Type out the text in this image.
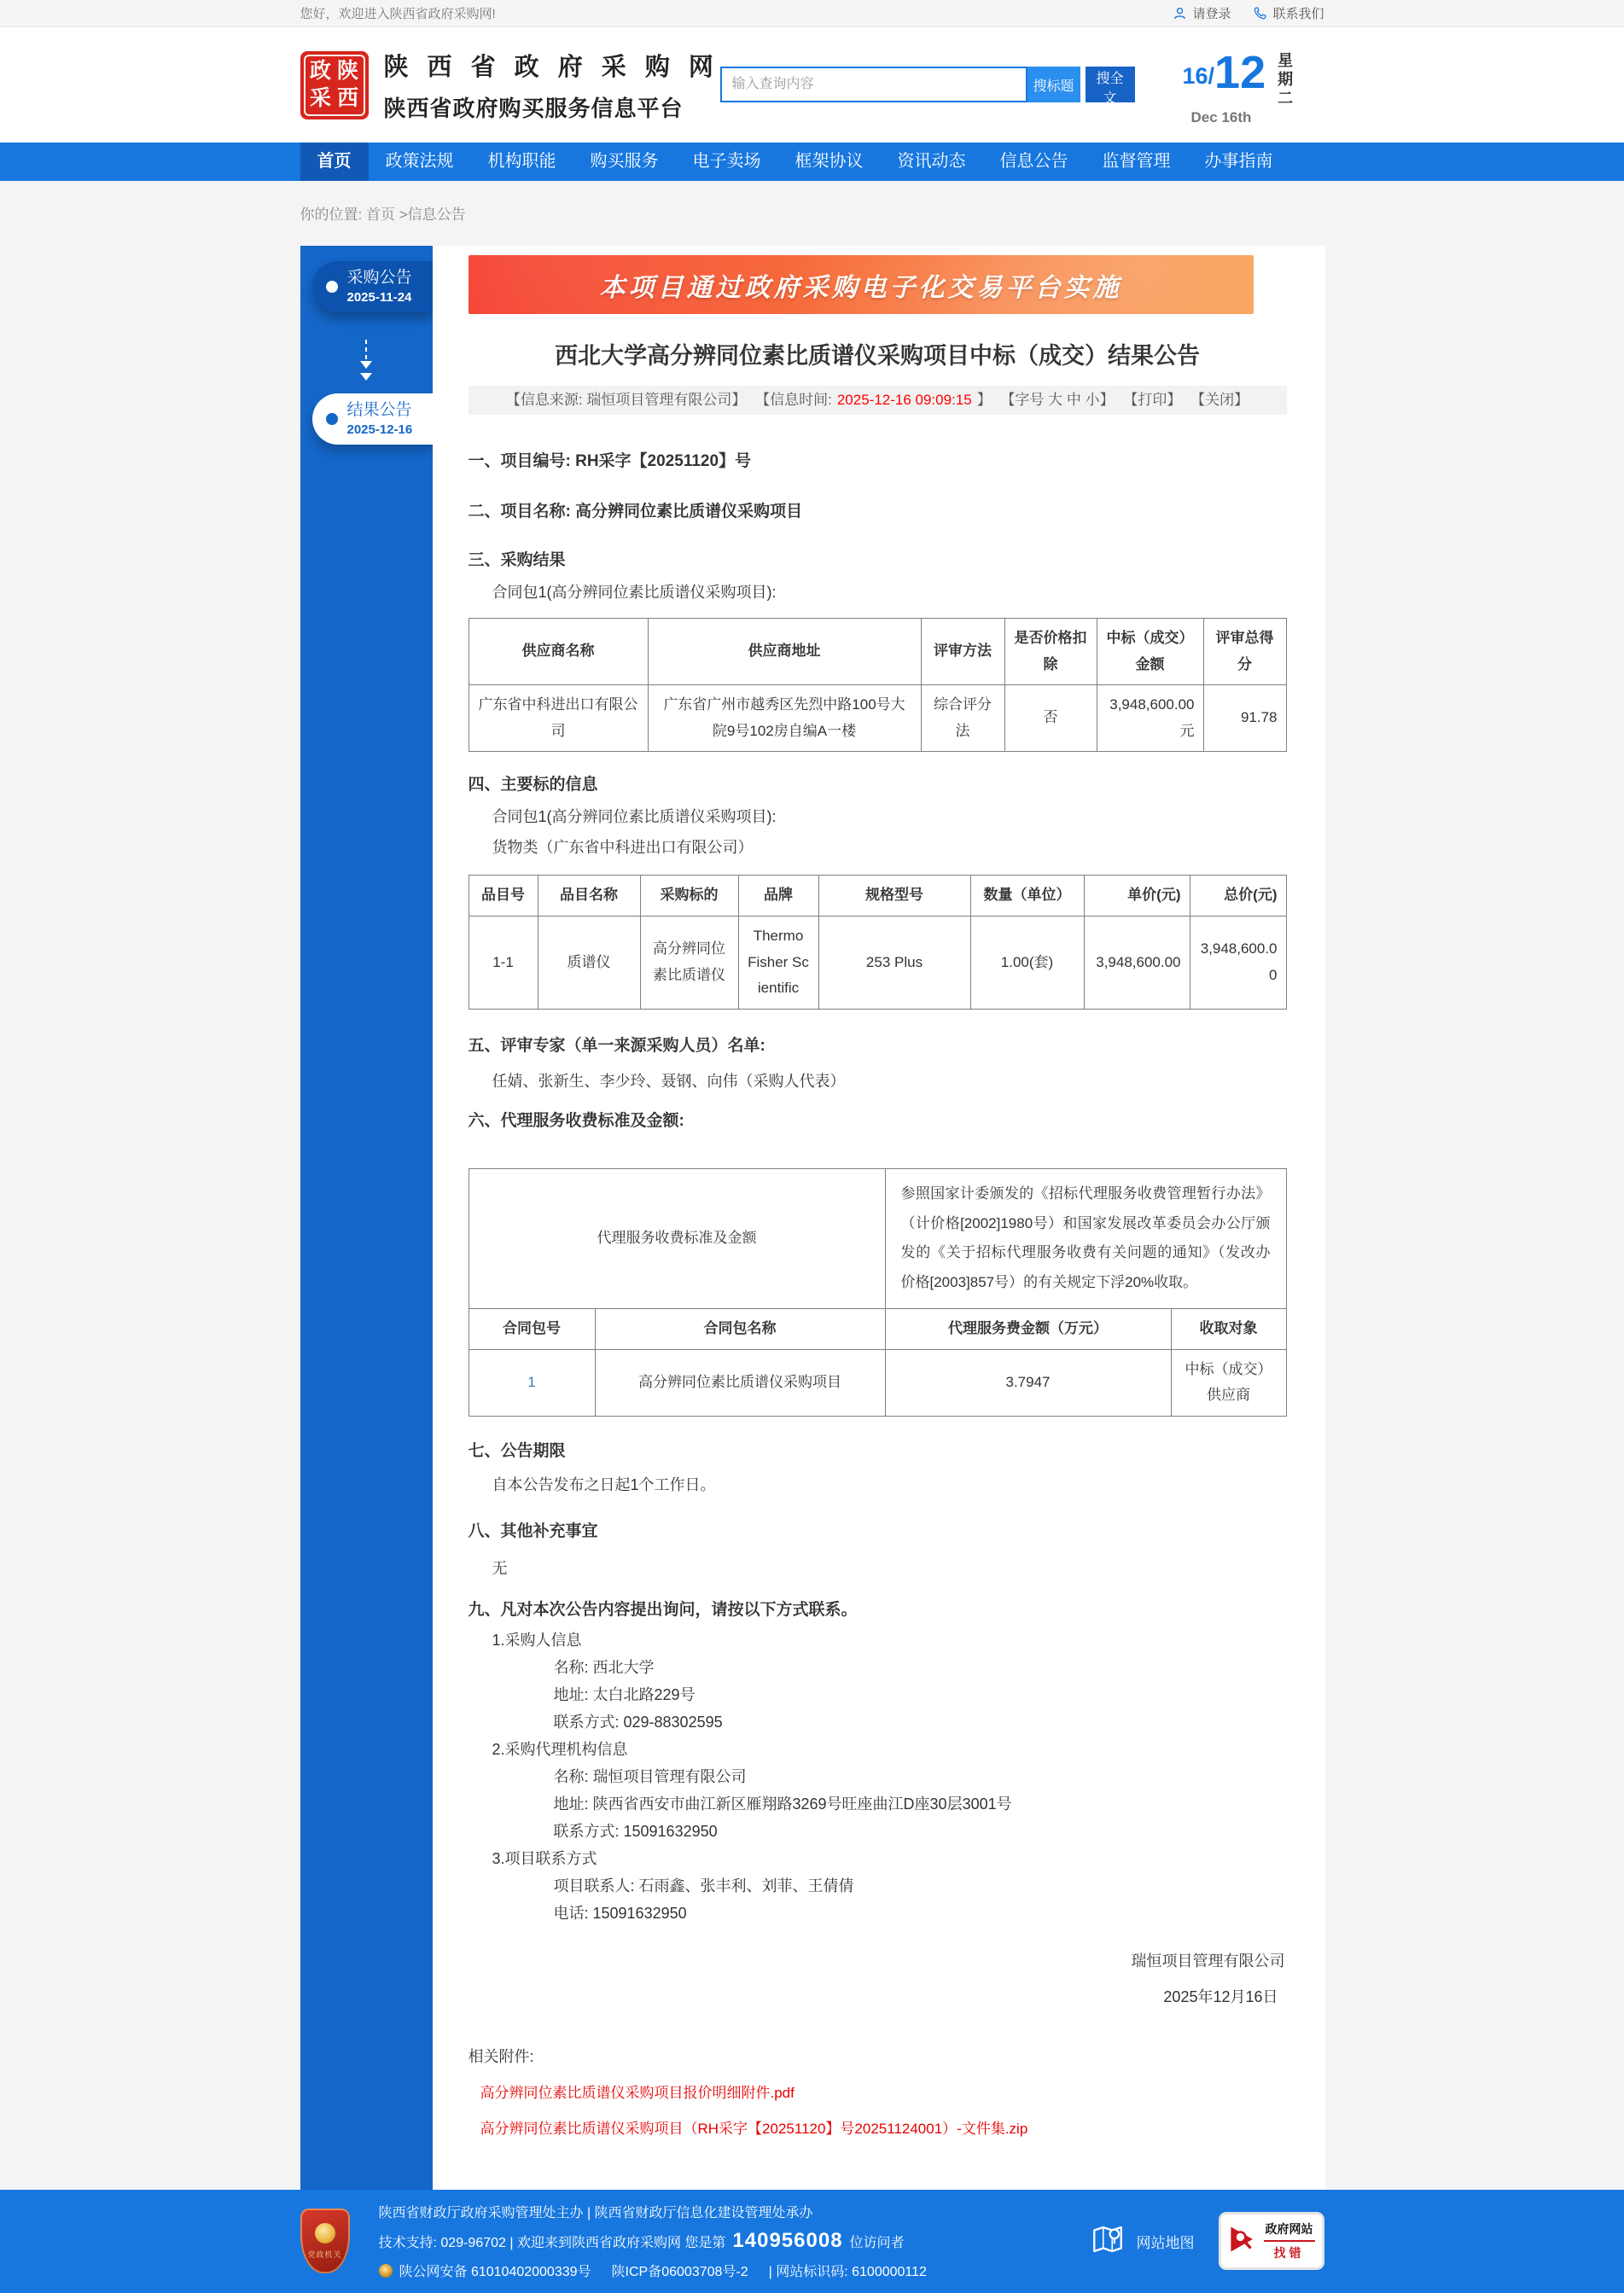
您好，欢迎进入陕西省政府采购网!	请登录	联系我们
政 陕
采 西
陕 西 省 政 府 采 购 网
陕西省政府购买服务信息平台
输入查询内容
搜标题	搜全文
16/ 12 星期二
Dec 16th
首页	政策法规	机构职能	购买服务	电子卖场	框架协议	资讯动态	信息公告	监督管理	办事指南
你的位置: 首页 >信息公告
采购公告
2025-11-24
结果公告
2025-12-16
本项目通过政府采购电子化交易平台实施
西北大学高分辨同位素比质谱仪采购项目中标（成交）结果公告
【信息来源: 瑞恒项目管理有限公司】 【信息时间: 2025-12-16 09:09:15 】 【字号 大 中 小】 【打印】 【关闭】
一、项目编号: RH采字【20251120】号
二、项目名称: 高分辨同位素比质谱仪采购项目
三、采购结果
合同包1(高分辨同位素比质谱仪采购项目):
供应商名称	供应商地址	评审方法	是否价格扣除	中标（成交）金额	评审总得分
广东省中科进出口有限公司	广东省广州市越秀区先烈中路100号大院9号102房自编A一楼	综合评分法	否	3,948,600.00元	91.78
四、主要标的信息
合同包1(高分辨同位素比质谱仪采购项目):
货物类（广东省中科进出口有限公司）
品目号	品目名称	采购标的	品牌	规格型号	数量（单位）	单价(元)	总价(元)
1-1	质谱仪	高分辨同位素比质谱仪	Thermo Fisher Scientific	253 Plus	1.00(套)	3,948,600.00	3,948,600.00
五、评审专家（单一来源采购人员）名单:
任婧、张新生、李少玲、聂钢、向伟（采购人代表）
六、代理服务收费标准及金额:
代理服务收费标准及金额		参照国家计委颁发的《招标代理服务收费管理暂行办法》（计价格[2002]1980号）和国家发展改革委员会办公厅颁发的《关于招标代理服务收费有关问题的通知》（发改办价格[2003]857号）的有关规定下浮20%收取。	
合同包号	合同包名称	代理服务费金额（万元）	收取对象
1	高分辨同位素比质谱仪采购项目	3.7947	中标（成交）供应商
七、公告期限
自本公告发布之日起1个工作日。
八、其他补充事宜
无
九、凡对本次公告内容提出询问，请按以下方式联系。
1.采购人信息
名称: 西北大学
地址: 太白北路229号
联系方式: 029-88302595
2.采购代理机构信息
名称: 瑞恒项目管理有限公司
地址: 陕西省西安市曲江新区雁翔路3269号旺座曲江D座30层3001号
联系方式: 15091632950
3.项目联系方式
项目联系人: 石雨鑫、张丰利、刘菲、王倩倩
电话: 15091632950
瑞恒项目管理有限公司
2025年12月16日
相关附件:
高分辨同位素比质谱仪采购项目报价明细附件.pdf
高分辨同位素比质谱仪采购项目（RH采字【20251120】号20251124001）-文件集.zip
党政机关
陕西省财政厅政府采购管理处主办 | 陕西省财政厅信息化建设管理处承办
技术支持: 029-96702 | 欢迎来到陕西省政府采购网 您是第 140956008 位访问者
陕公网安备 61010402000339号 陕ICP备06003708号-2 | 网站标识码: 6100000112
网站地图
政府网站
找错
